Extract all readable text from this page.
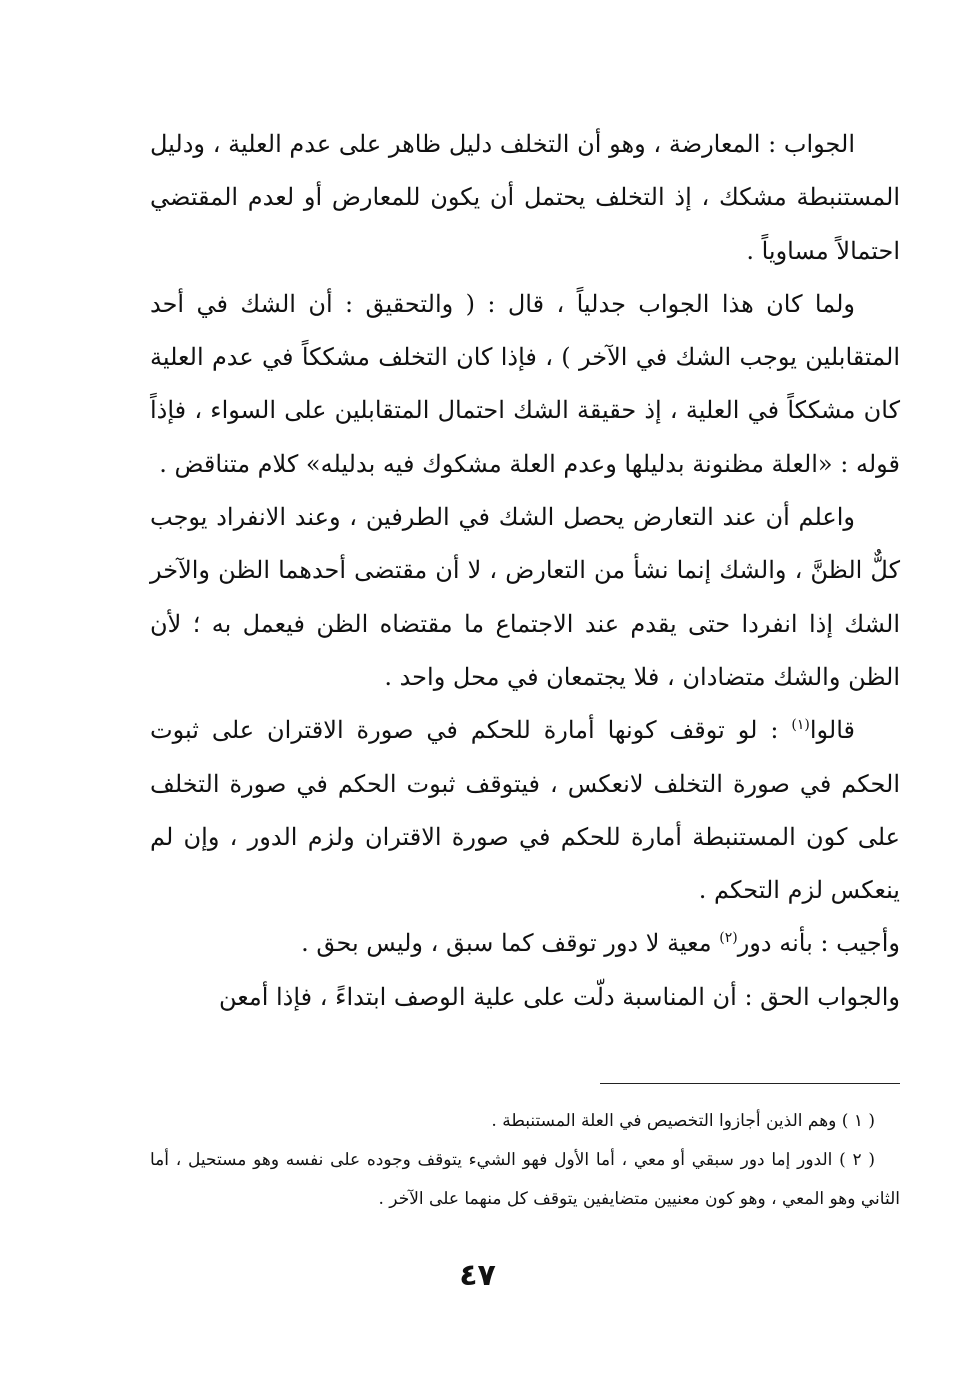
الجواب : المعارضة ، وهو أن التخلف دليل ظاهر على عدم العلية ، ودليل المستنبطة مشكك ، إذ التخلف يحتمل أن يكون للمعارض أو لعدم المقتضي احتمالاً مساوياً .

ولما كان هذا الجواب جدلياً ، قال : ( والتحقيق : أن الشك في أحد المتقابلين يوجب الشك في الآخر ) ، فإذا كان التخلف مشككاً في عدم العلية كان مشككاً في العلية ، إذ حقيقة الشك احتمال المتقابلين على السواء ، فإذاً قوله : «العلة مظنونة بدليلها وعدم العلة مشكوك فيه بدليله» كلام متناقض .

واعلم أن عند التعارض يحصل الشك في الطرفين ، وعند الانفراد يوجب كلٌّ الظنَّ ، والشك إنما نشأ من التعارض ، لا أن مقتضى أحدهما الظن والآخر الشك إذا انفردا حتى يقدم عند الاجتماع ما مقتضاه الظن فيعمل به ؛ لأن الظن والشك متضادان ، فلا يجتمعان في محل واحد .

قالوا$^{(١)}$ : لو توقف كونها أمارة للحكم في صورة الاقتران على ثبوت الحكم في صورة التخلف لانعكس ، فيتوقف ثبوت الحكم في صورة التخلف على كون المستنبطة أمارة للحكم في صورة الاقتران ولزم الدور ، وإن لم ينعكس لزم التحكم .

وأجيب : بأنه دور$^{(٢)}$ معية لا دور توقف كما سبق ، وليس بحق .

والجواب الحق : أن المناسبة دلّت على علية الوصف ابتداءً ، فإذا أمعن

( ١ ) وهم الذين أجازوا التخصيص في العلة المستنبطة .

( ٢ ) الدور إما دور سبقي أو معي ، أما الأول فهو الشيء يتوقف وجوده على نفسه وهو مستحيل ، أما الثاني وهو المعي ، وهو كون معنيين متضايفين يتوقف كل منهما على الآخر .

٤٧
